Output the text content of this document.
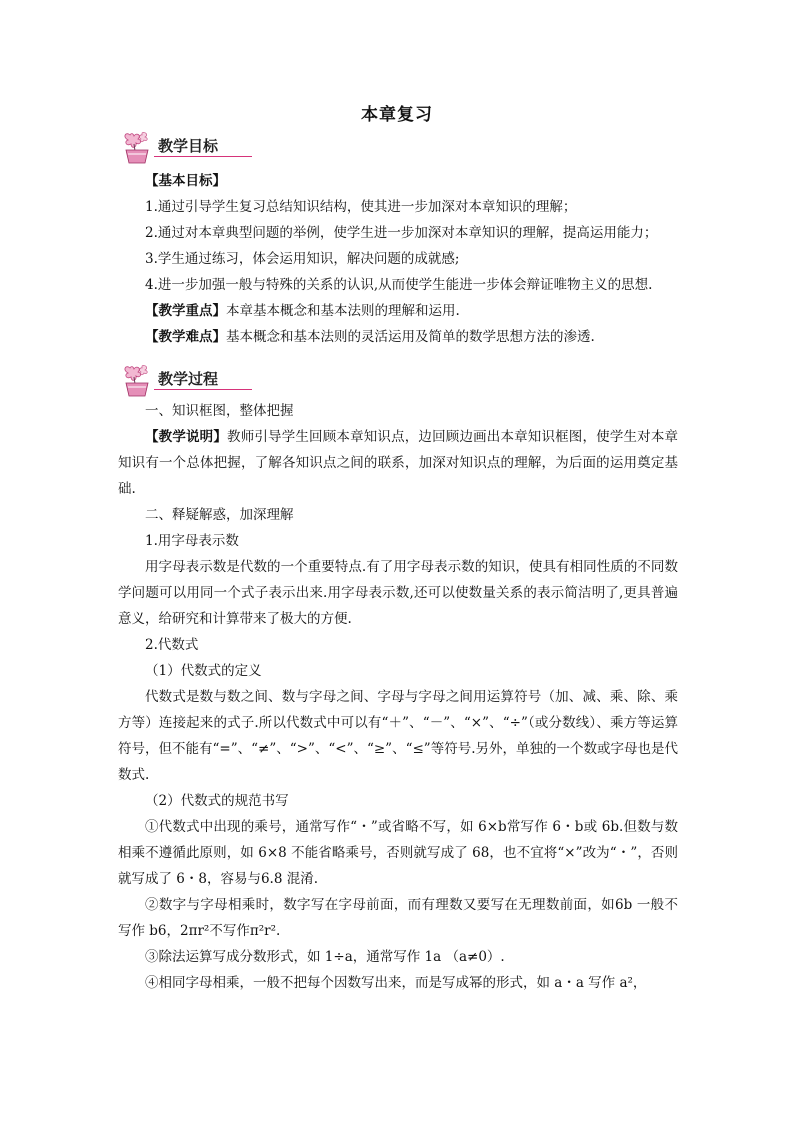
本章复习
教学目标

【基本目标】

1.通过引导学生复习总结知识结构，使其进一步加深对本章知识的理解；

2.通过对本章典型问题的举例，使学生进一步加深对本章知识的理解，提高运用能力；

3.学生通过练习，体会运用知识，解决问题的成就感;

4.进一步加强一般与特殊的关系的认识,从而使学生能进一步体会辩证唯物主义的思想.

【教学重点】本章基本概念和基本法则的理解和运用.

【教学难点】基本概念和基本法则的灵活运用及简单的数学思想方法的渗透.

教学过程

一、知识框图，整体把握

【教学说明】教师引导学生回顾本章知识点，边回顾边画出本章知识框图，使学生对本章知识有一个总体把握，了解各知识点之间的联系，加深对知识点的理解，为后面的运用奠定基础.

二、释疑解惑，加深理解

1.用字母表示数

用字母表示数是代数的一个重要特点.有了用字母表示数的知识，使具有相同性质的不同数学问题可以用同一个式子表示出来.用字母表示数,还可以使数量关系的表示简洁明了,更具普遍意义，给研究和计算带来了极大的方便.

2.代数式

（1）代数式的定义

代数式是数与数之间、数与字母之间、字母与字母之间用运算符号（加、减、乘、除、乘方等）连接起来的式子.所以代数式中可以有“＋”、“－”、“×”、“÷”（或分数线）、乘方等运算符号，但不能有“=”、“≠”、“>”、“<”、“≥”、“≤”等符号.另外，单独的一个数或字母也是代数式.

（2）代数式的规范书写

①代数式中出现的乘号，通常写作“・”或省略不写，如 6×b常写作 6・b或 6b.但数与数相乘不遵循此原则，如 6×8 不能省略乘号，否则就写成了 68，也不宜将“×”改为“・”，否则就写成了 6・8，容易与6.8 混淆.

②数字与字母相乘时，数字写在字母前面，而有理数又要写在无理数前面，如6b 一般不写作 b6，2πr²不写作π²r².

③除法运算写成分数形式，如 1÷a，通常写作 1a （a≠0）.

④相同字母相乘，一般不把每个因数写出来，而是写成幂的形式，如 a・a 写作 a²，
